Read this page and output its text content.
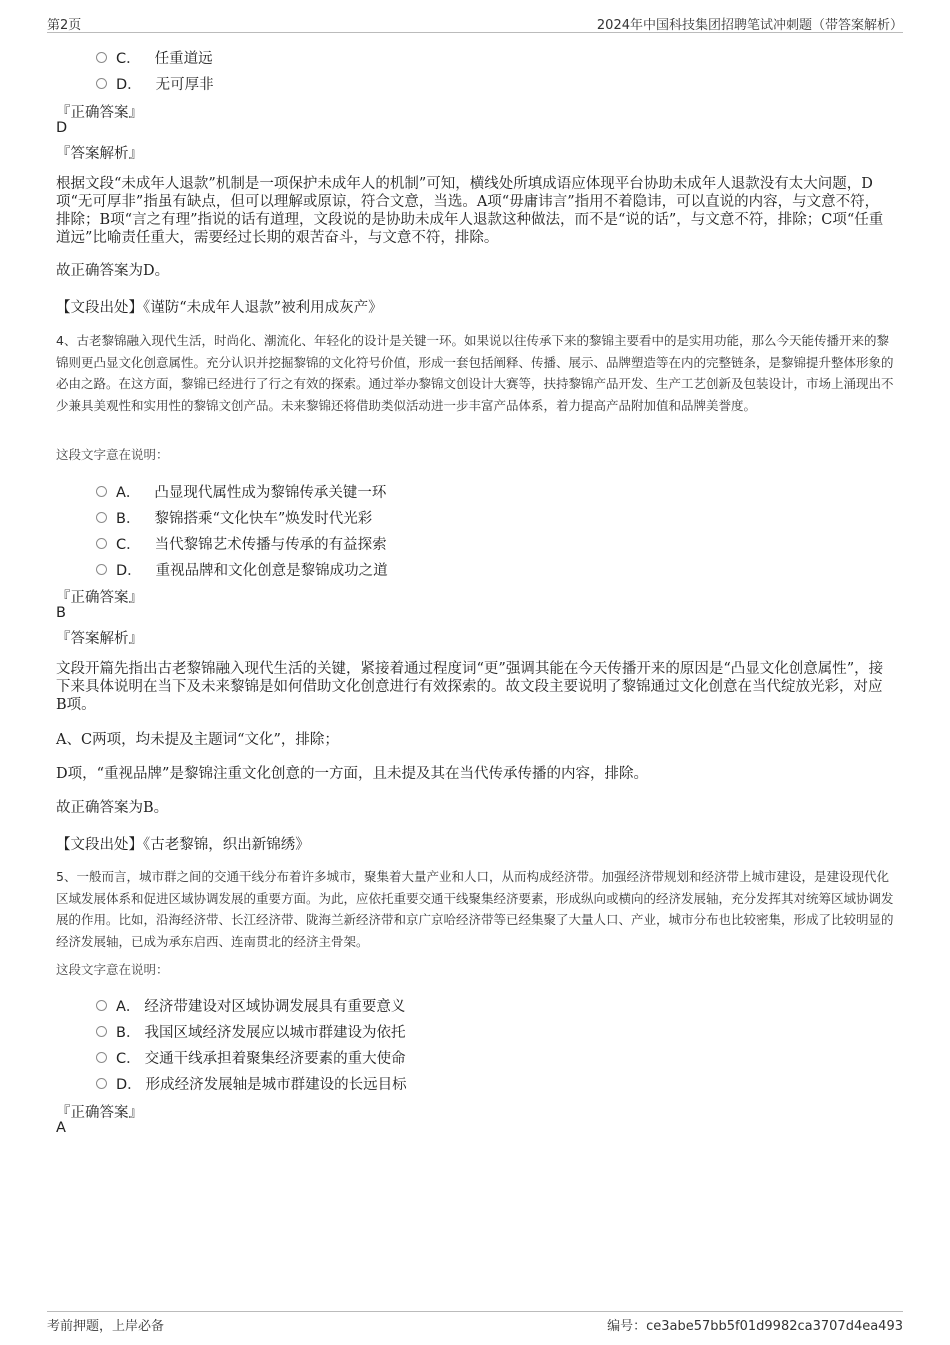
第2页	2024年中国科技集团招聘笔试冲刺题（带答案解析）
C． 任重道远
D． 无可厚非
『正确答案』
D
『答案解析』
根据文段“未成年人退款”机制是一项保护未成年人的机制”可知，横线处所填成语应体现平台协助未成年人退款没有太大问题，D项“无可厚非”指虽有缺点，但可以理解或原谅，符合文意，当选。A项“毋庸讳言”指用不着隐讳，可以直说的内容，与文意不符，排除；B项“言之有理”指说的话有道理，文段说的是协助未成年人退款这种做法，而不是“说的话”，与文意不符，排除；C项“任重道远”比喻责任重大，需要经过长期的艰苦奋斗，与文意不符，排除。
故正确答案为D。
【文段出处】《谨防“未成年人退款”被利用成灰产》
4、古老黎锦融入现代生活，时尚化、潮流化、年轻化的设计是关键一环。如果说以往传承下来的黎锦主要看中的是实用功能，那么今天能传播开来的黎锦则更凸显文化创意属性。充分认识并挖掘黎锦的文化符号价值，形成一套包括阐释、传播、展示、品牌塑造等在内的完整链条，是黎锦提升整体形象的必由之路。在这方面，黎锦已经进行了行之有效的探索。通过举办黎锦文创设计大赛等，扶持黎锦产品开发、生产工艺创新及包装设计，市场上涌现出不少兼具美观性和实用性的黎锦文创产品。未来黎锦还将借助类似活动进一步丰富产品体系，着力提高产品附加值和品牌美誉度。
这段文字意在说明：
A． 凸显现代属性成为黎锦传承关键一环
B． 黎锦搭乘“文化快车”焕发时代光彩
C． 当代黎锦艺术传播与传承的有益探索
D． 重视品牌和文化创意是黎锦成功之道
『正确答案』
B
『答案解析』
文段开篇先指出古老黎锦融入现代生活的关键，紧接着通过程度词“更”强调其能在今天传播开来的原因是“凸显文化创意属性”，接下来具体说明在当下及未来黎锦是如何借助文化创意进行有效探索的。故文段主要说明了黎锦通过文化创意在当代绽放光彩，对应B项。
A、C两项，均未提及主题词“文化”，排除；
D项，“重视品牌”是黎锦注重文化创意的一方面，且未提及其在当代传承传播的内容，排除。
故正确答案为B。
【文段出处】《古老黎锦，织出新锦绣》
5、一般而言，城市群之间的交通干线分布着许多城市，聚集着大量产业和人口，从而构成经济带。加强经济带规划和经济带上城市建设，是建设现代化区域发展体系和促进区域协调发展的重要方面。为此，应依托重要交通干线聚集经济要素，形成纵向或横向的经济发展轴，充分发挥其对统筹区域协调发展的作用。比如，沿海经济带、长江经济带、陇海兰新经济带和京广京哈经济带等已经集聚了大量人口、产业，城市分布也比较密集，形成了比较明显的经济发展轴，已成为承东启西、连南贯北的经济主骨架。
这段文字意在说明：
A． 经济带建设对区域协调发展具有重要意义
B． 我国区域经济发展应以城市群建设为依托
C． 交通干线承担着聚集经济要素的重大使命
D． 形成经济发展轴是城市群建设的长远目标
『正确答案』
A
考前押题，上岸必备	编号：ce3abe57bb5f01d9982ca3707d4ea493
